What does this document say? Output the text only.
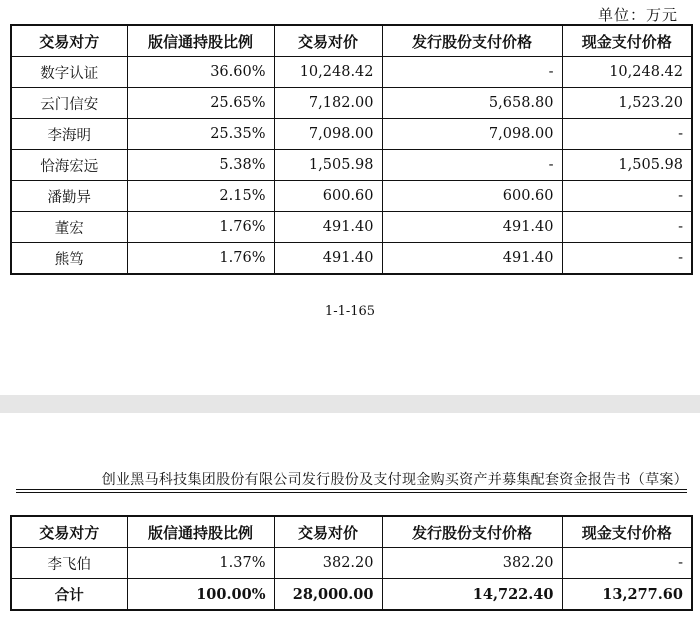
单位：万元
交易对方	版信通持股比例	交易对价	发行股份支付价格	现金支付价格
数字认证	36.60%	10,248.42	-	10,248.42
云门信安	25.65%	7,182.00	5,658.80	1,523.20
李海明	25.35%	7,098.00	7,098.00	-
恰海宏远	5.38%	1,505.98	-	1,505.98
潘勤异	2.15%	600.60	600.60	-
董宏	1.76%	491.40	491.40	-
熊笃	1.76%	491.40	491.40	-
1-1-165
创业黑马科技集团股份有限公司发行股份及支付现金购买资产并募集配套资金报告书（草案）
交易对方	版信通持股比例	交易对价	发行股份支付价格	现金支付价格
李飞伯	1.37%	382.20	382.20	-
合计	100.00%	28,000.00	14,722.40	13,277.60
